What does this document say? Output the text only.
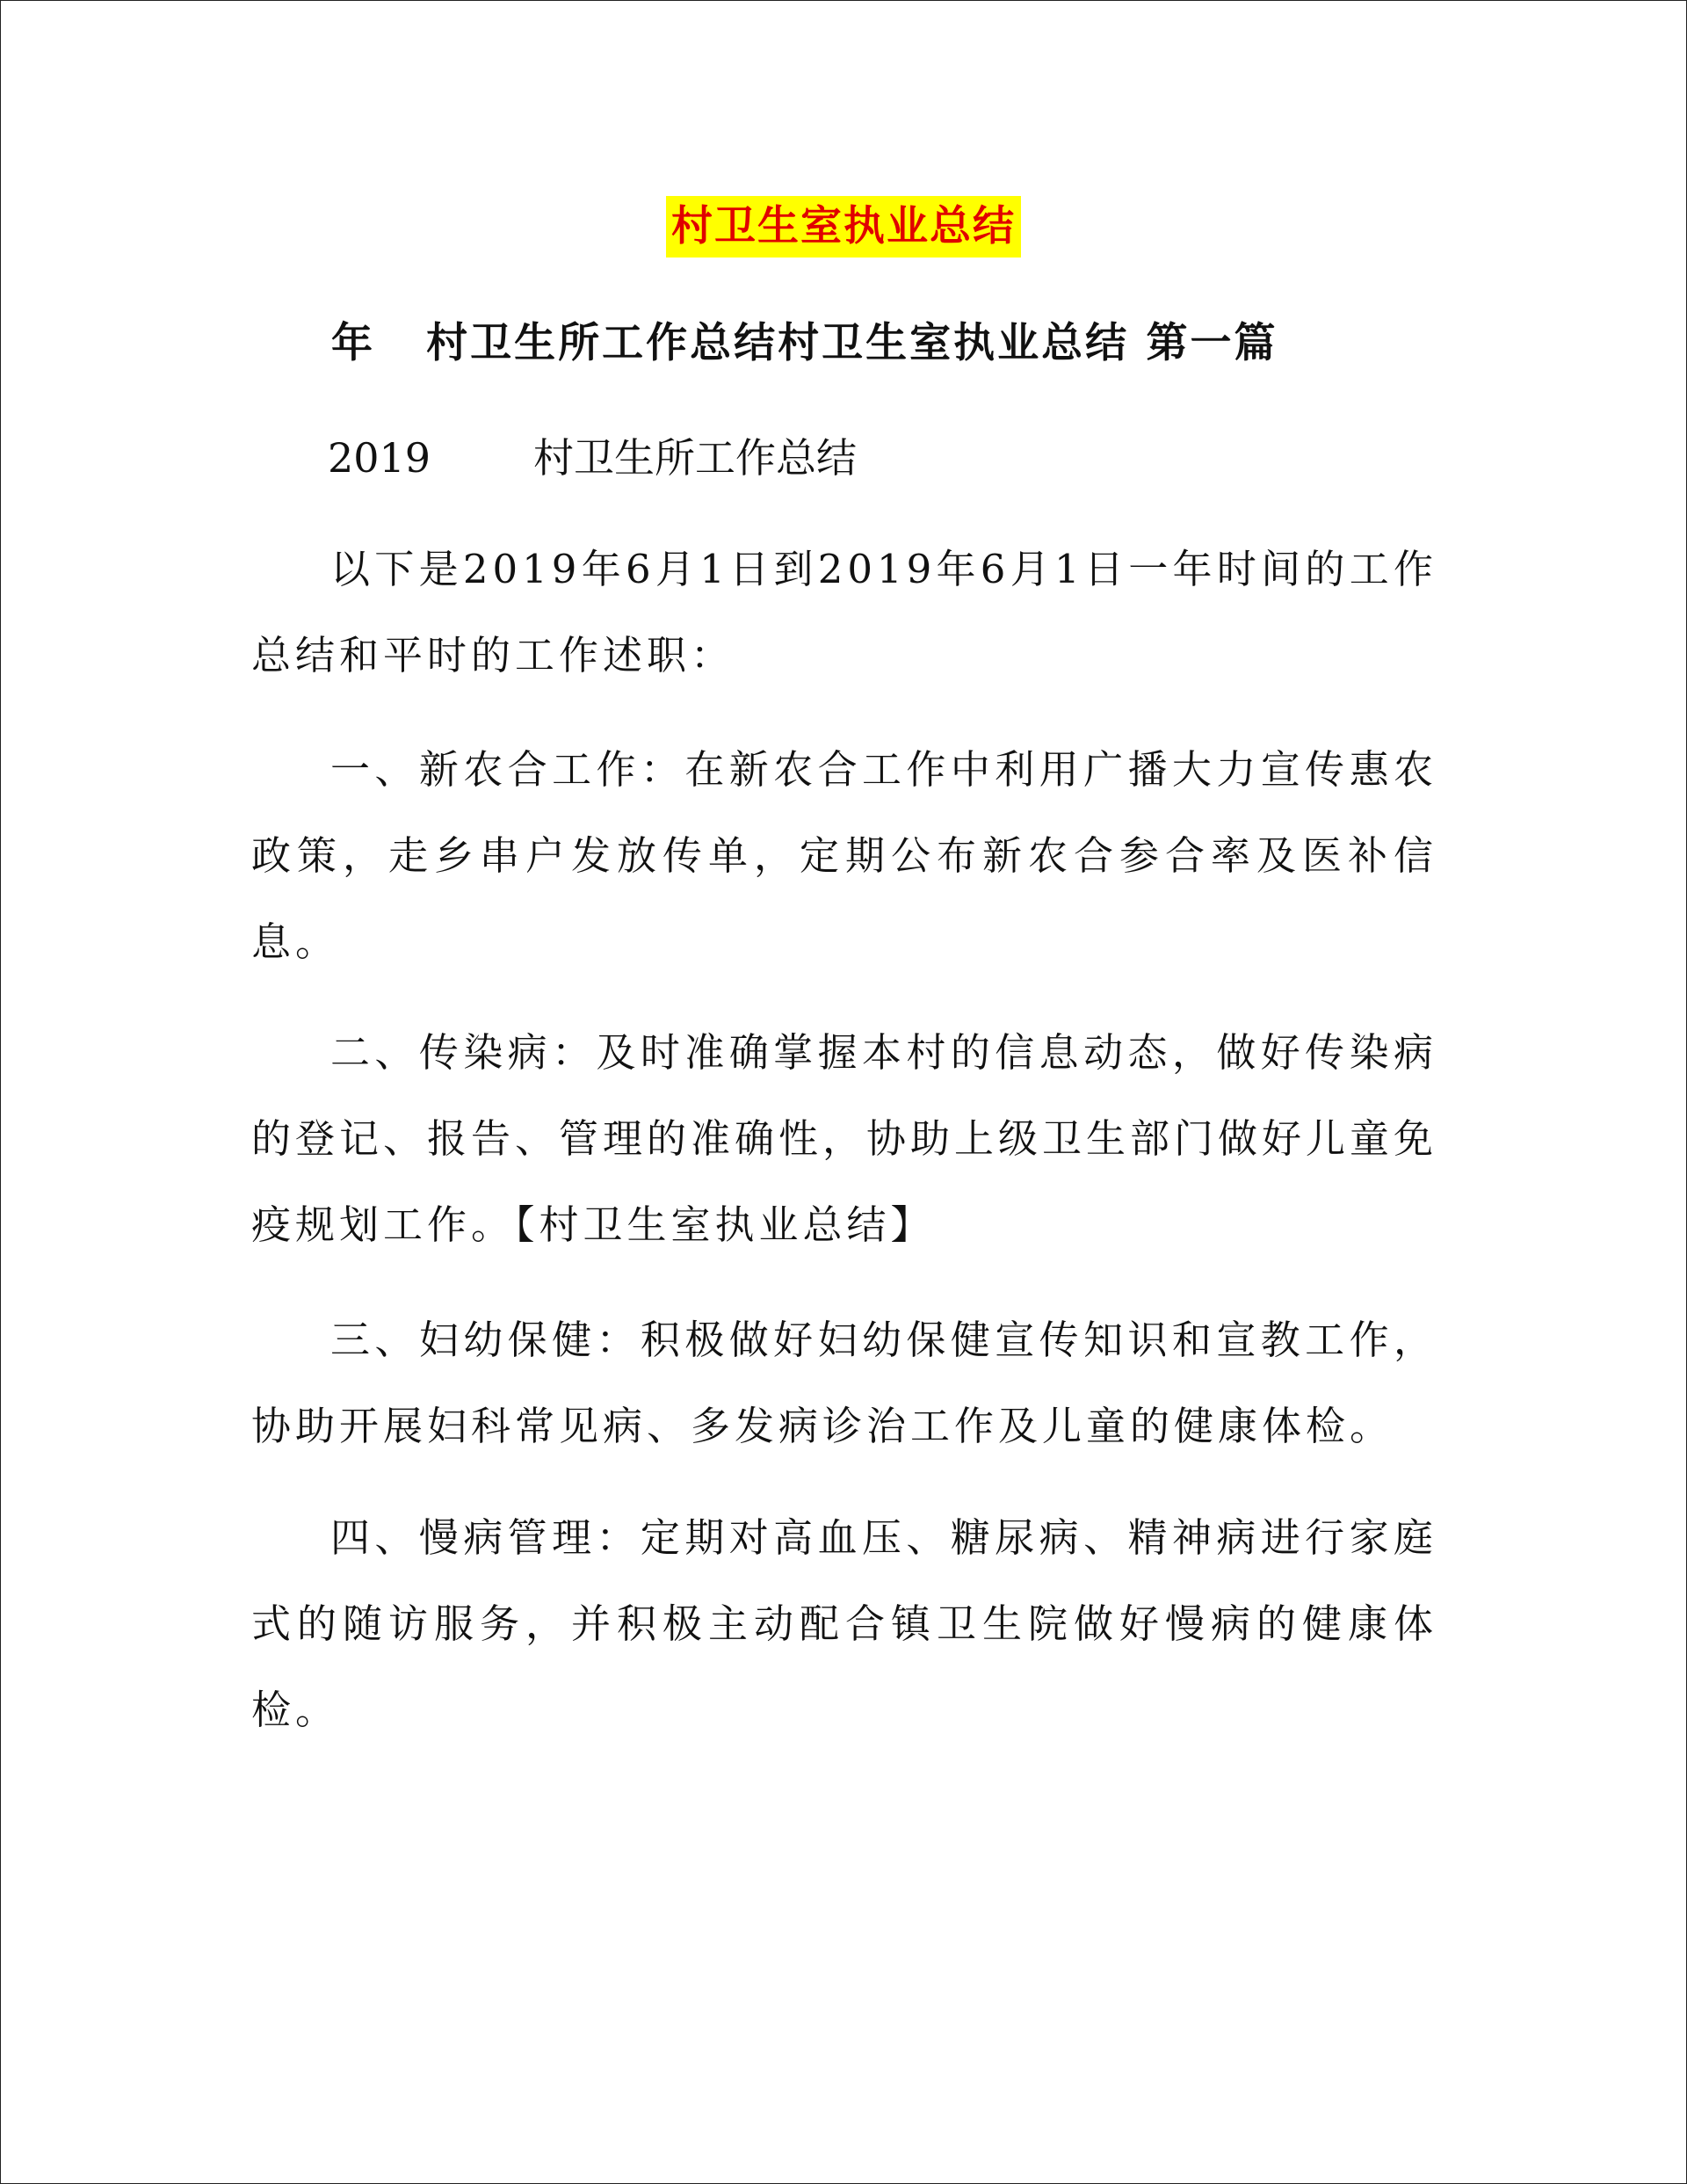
村卫生室执业总结
年   村卫生所工作总结村卫生室执业总结 第一篇
2019        村卫生所工作总结

以下是2019年6月1日到2019年6月1日一年时间的工作总结和平时的工作述职：

一、新农合工作：在新农合工作中利用广播大力宣传惠农政策，走乡串户发放传单，定期公布新农合参合率及医补信息。

二、传染病：及时准确掌握本村的信息动态，做好传染病的登记、报告、管理的准确性，协助上级卫生部门做好儿童免疫规划工作。【村卫生室执业总结】

三、妇幼保健：积极做好妇幼保健宣传知识和宣教工作，协助开展妇科常见病、多发病诊治工作及儿童的健康体检。

四、慢病管理：定期对高血压、糖尿病、精神病进行家庭式的随访服务，并积极主动配合镇卫生院做好慢病的健康体检。
